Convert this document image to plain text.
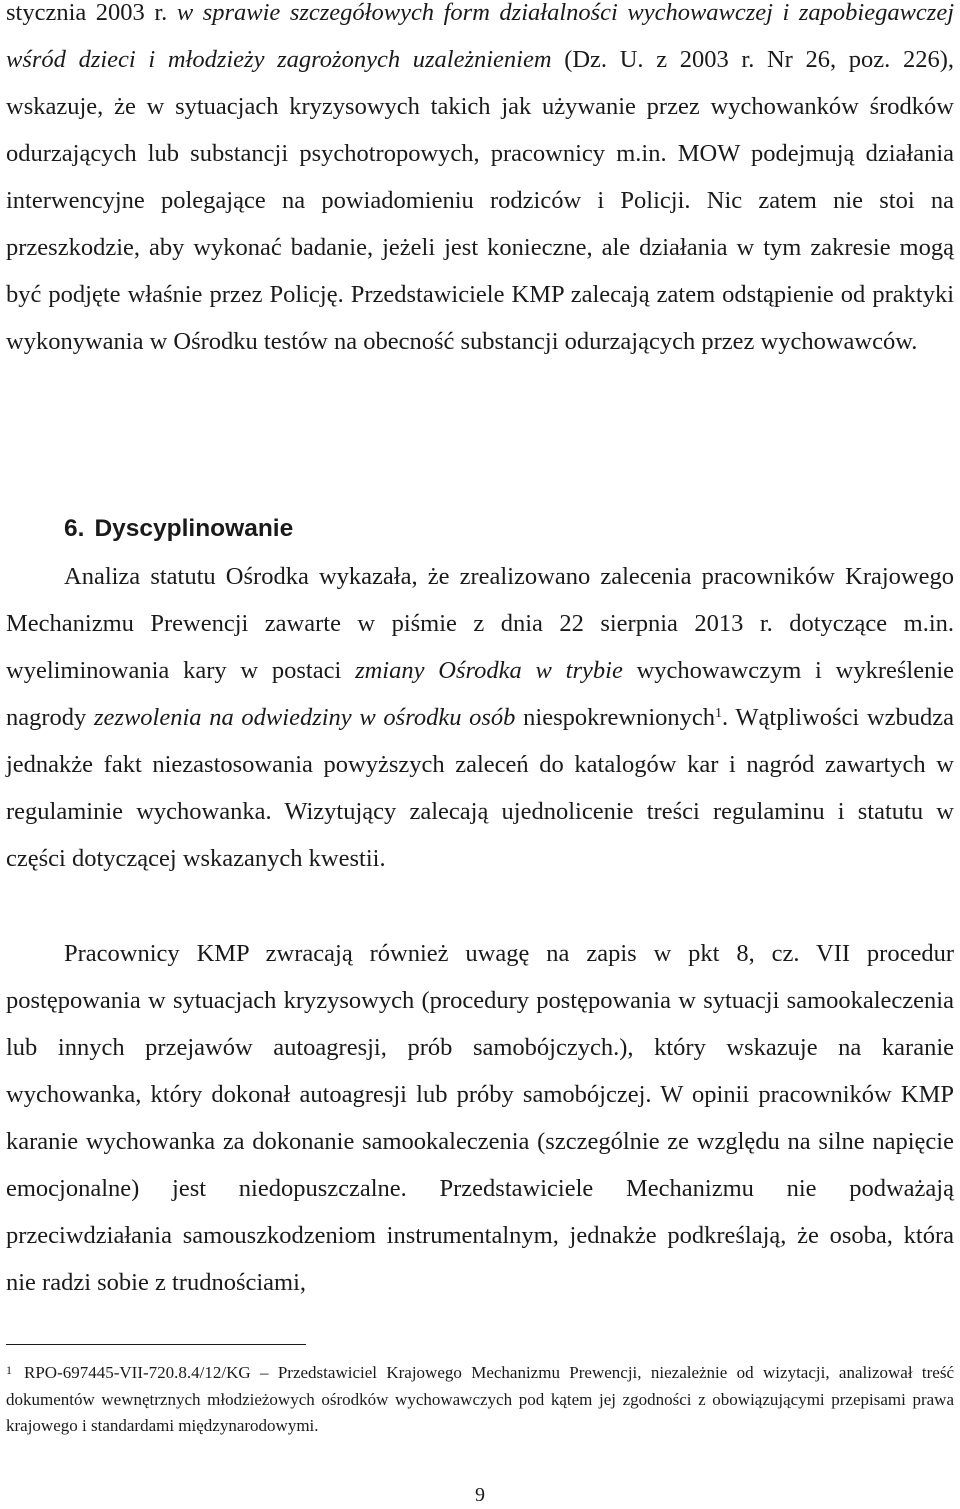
stycznia 2003 r. w sprawie szczegółowych form działalności wychowawczej i zapobiegawczej wśród dzieci i młodzieży zagrożonych uzależnieniem (Dz. U. z 2003 r. Nr 26, poz. 226), wskazuje, że w sytuacjach kryzysowych takich jak używanie przez wychowanków środków odurzających lub substancji psychotropowych, pracownicy m.in. MOW podejmują działania interwencyjne polegające na powiadomieniu rodziców i Policji. Nic zatem nie stoi na przeszkodzie, aby wykonać badanie, jeżeli jest konieczne, ale działania w tym zakresie mogą być podjęte właśnie przez Policję. Przedstawiciele KMP zalecają zatem odstąpienie od praktyki wykonywania w Ośrodku testów na obecność substancji odurzających przez wychowawców.

6. Dyscyplinowanie

Analiza statutu Ośrodka wykazała, że zrealizowano zalecenia pracowników Krajowego Mechanizmu Prewencji zawarte w piśmie z dnia 22 sierpnia 2013 r. dotyczące m.in. wyeliminowania kary w postaci zmiany Ośrodka w trybie wychowawczym i wykreślenie nagrody zezwolenia na odwiedziny w ośrodku osób niespokrewnionych$^1$. Wątpliwości wzbudza jednakże fakt niezastosowania powyższych zaleceń do katalogów kar i nagród zawartych w regulaminie wychowanka. Wizytujący zalecają ujednolicenie treści regulaminu i statutu w części dotyczącej wskazanych kwestii.

Pracownicy KMP zwracają również uwagę na zapis w pkt 8, cz. VII procedur postępowania w sytuacjach kryzysowych (procedury postępowania w sytuacji samookaleczenia lub innych przejawów autoagresji, prób samobójczych.), który wskazuje na karanie wychowanka, który dokonał autoagresji lub próby samobójczej. W opinii pracowników KMP karanie wychowanka za dokonanie samookaleczenia (szczególnie ze względu na silne napięcie emocjonalne) jest niedopuszczalne. Przedstawiciele Mechanizmu nie podważają przeciwdziałania samouszkodzeniom instrumentalnym, jednakże podkreślają, że osoba, która nie radzi sobie z trudnościami,

$^1$ RPO-697445-VII-720.8.4/12/KG – Przedstawiciel Krajowego Mechanizmu Prewencji, niezależnie od wizytacji, analizował treść dokumentów wewnętrznych młodzieżowych ośrodków wychowawczych pod kątem jej zgodności z obowiązującymi przepisami prawa krajowego i standardami międzynarodowymi.

9
